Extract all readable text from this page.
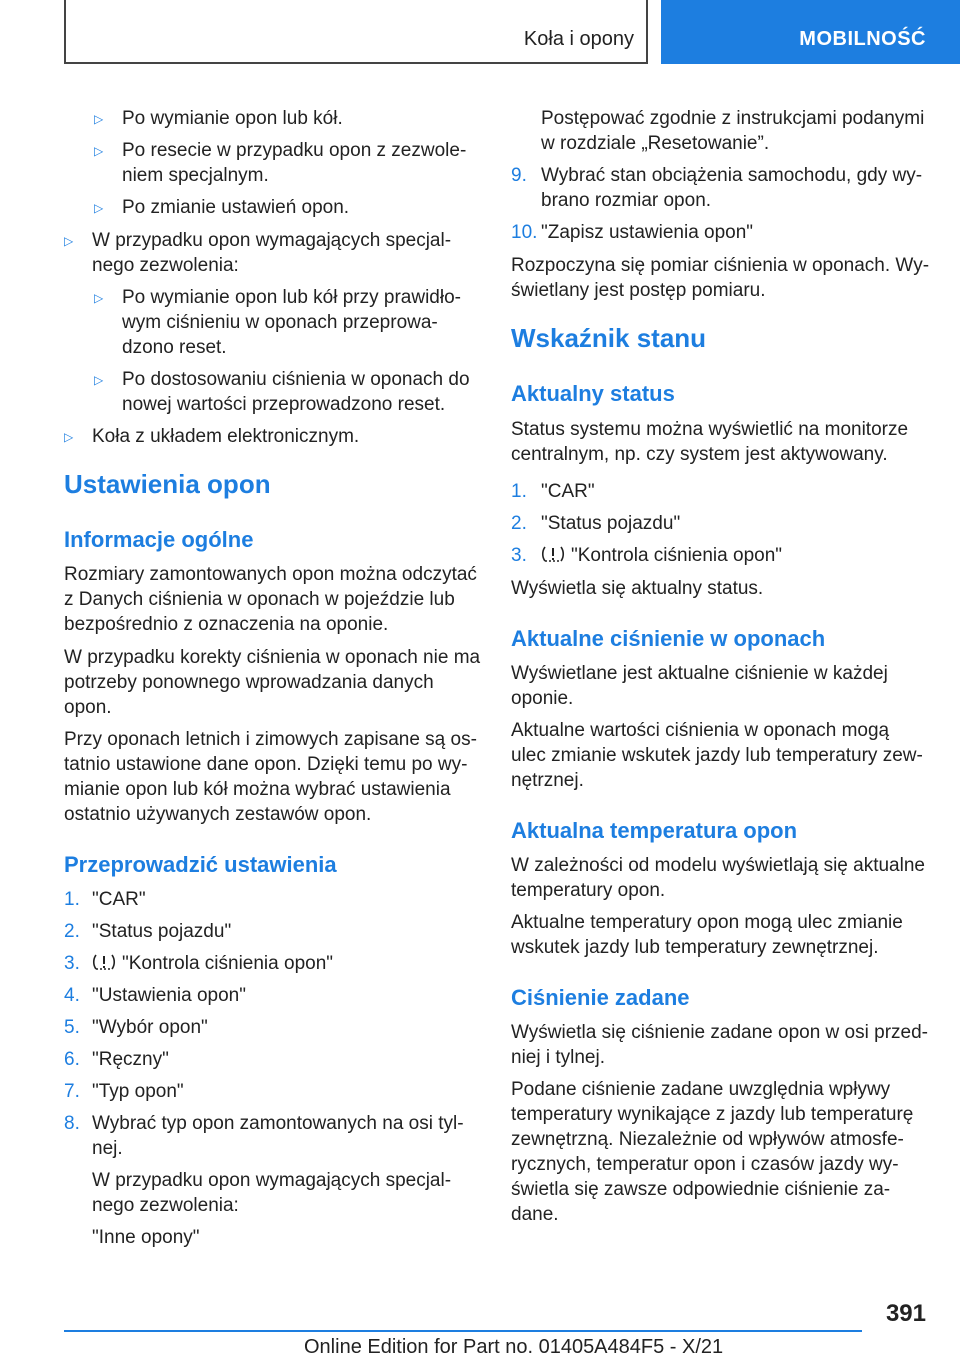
Koła i opony	MOBILNOŚĆ
▷ Po wymianie opon lub kół.
▷ Po resecie w przypadku opon z zezwole-
niem specjalnym.
▷ Po zmianie ustawień opon.
▷ W przypadku opon wymagających specjal-
nego zezwolenia:
▷ Po wymianie opon lub kół przy prawidło-
wym ciśnieniu w oponach przeprowa-
dzono reset.
▷ Po dostosowaniu ciśnienia w oponach do
nowej wartości przeprowadzono reset.
▷ Koła z układem elektronicznym.
Ustawienia opon
Informacje ogólne
Rozmiary zamontowanych opon można odczytać
z Danych ciśnienia w oponach w pojeździe lub
bezpośrednio z oznaczenia na oponie.
W przypadku korekty ciśnienia w oponach nie ma
potrzeby ponownego wprowadzania danych
opon.
Przy oponach letnich i zimowych zapisane są os-
tatnio ustawione dane opon. Dzięki temu po wy-
mianie opon lub kół można wybrać ustawienia
ostatnio używanych zestawów opon.
Przeprowadzić ustawienia
1. "CAR"
2. "Status pojazdu"
3.	"Kontrola ciśnienia opon"
4. "Ustawienia opon"
5. "Wybór opon"
6. "Ręczny"
7. "Typ opon"
8. Wybrać typ opon zamontowanych na osi tyl-
nej.
W przypadku opon wymagających specjal-
nego zezwolenia:
"Inne opony"
Postępować zgodnie z instrukcjami podanymi
w rozdziale „Resetowanie”.
9. Wybrać stan obciążenia samochodu, gdy wy-
brano rozmiar opon.
10. "Zapisz ustawienia opon"
Rozpoczyna się pomiar ciśnienia w oponach. Wy-
świetlany jest postęp pomiaru.
Wskaźnik stanu
Aktualny status
Status systemu można wyświetlić na monitorze
centralnym, np. czy system jest aktywowany.
1. "CAR"
2. "Status pojazdu"
3.	"Kontrola ciśnienia opon"
Wyświetla się aktualny status.
Aktualne ciśnienie w oponach
Wyświetlane jest aktualne ciśnienie w każdej
oponie.
Aktualne wartości ciśnienia w oponach mogą
ulec zmianie wskutek jazdy lub temperatury zew-
nętrznej.
Aktualna temperatura opon
W zależności od modelu wyświetlają się aktualne
temperatury opon.
Aktualne temperatury opon mogą ulec zmianie
wskutek jazdy lub temperatury zewnętrznej.
Ciśnienie zadane
Wyświetla się ciśnienie zadane opon w osi przed-
niej i tylnej.
Podane ciśnienie zadane uwzględnia wpływy
temperatury wynikające z jazdy lub temperaturę
zewnętrzną. Niezależnie od wpływów atmosfe-
rycznych, temperatur opon i czasów jazdy wy-
świetla się zawsze odpowiednie ciśnienie za-
dane.
391
Online Edition for Part no. 01405A484F5 - X/21
